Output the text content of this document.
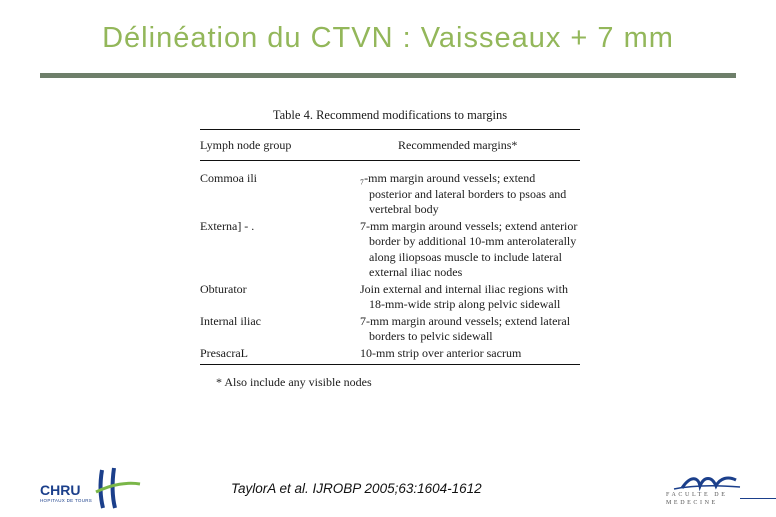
Délinéation du CTVN : Vaisseaux + 7 mm
Table 4. Recommend modifications to margins
Lymph node group	Recommended margins*
Commoa ili	₇-mm margin around vessels; extend posterior and lateral borders to psoas and vertebral body
Externa] - .	7-mm margin around vessels; extend anterior border by additional 10-mm anterolaterally along iliopsoas muscle to include lateral external iliac nodes
Obturator	Join external and internal iliac regions with 18-mm-wide strip along pelvic sidewall
Internal iliac	7-mm margin around vessels; extend lateral borders to pelvic sidewall
PresacraL	10-mm strip over anterior sacrum
* Also include any visible nodes
TaylorA et al. IJROBP 2005;63:1604-1612
CHRU
HOPITAUX DE TOURS
FACULTE DE
MEDECINE
